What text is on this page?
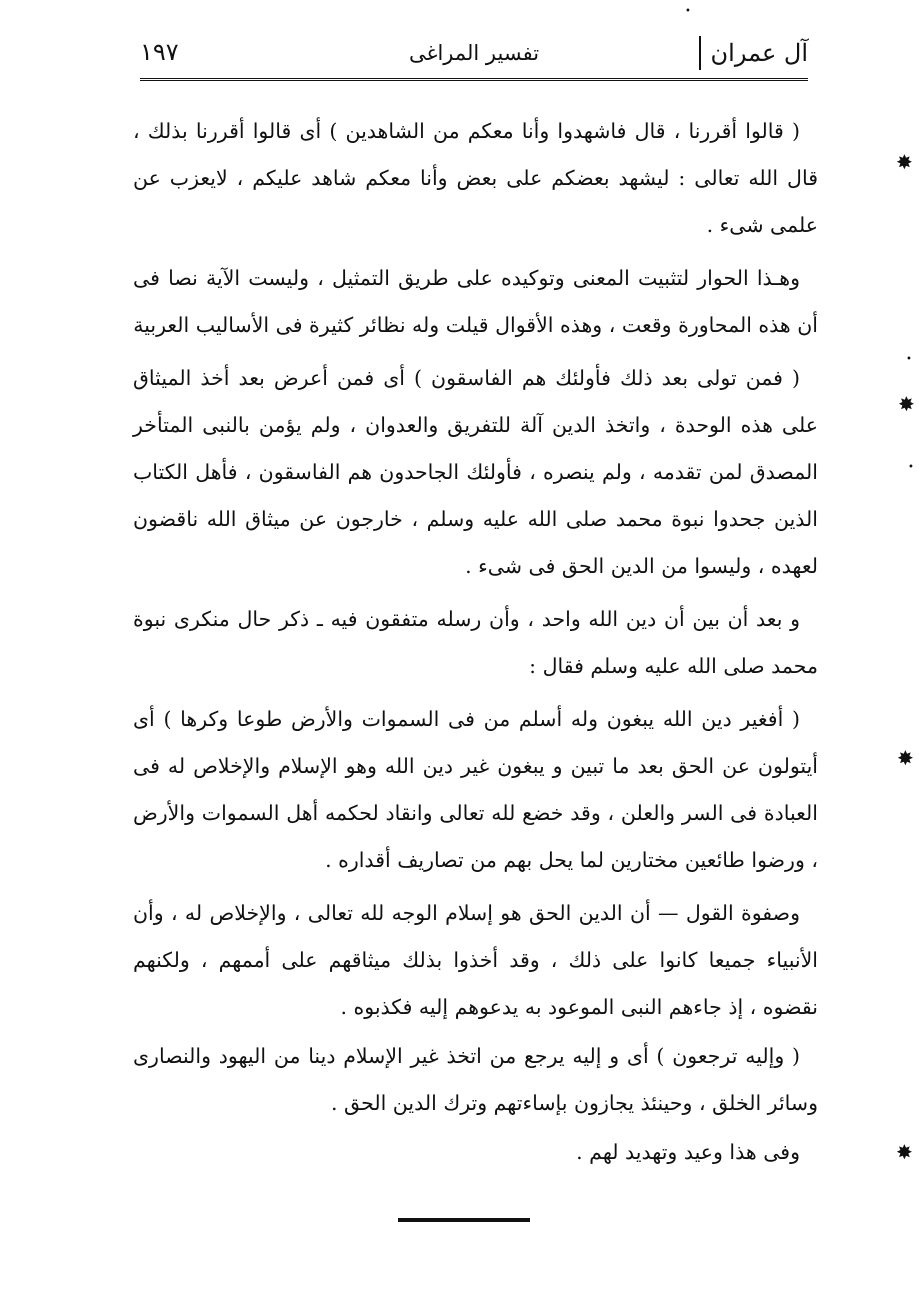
آل عمران
تفسير المراغى
١٩٧

( قالوا أقررنا ، قال فاشهدوا وأنا معكم من الشاهدين ) أى قالوا أقررنا بذلك ، قال الله تعالى : ليشهد بعضكم على بعض وأنا معكم شاهد عليكم ، لايعزب عن علمى شىء .

وهـذا الحوار لتثبيت المعنى وتوكيده على طريق التمثيل ، وليست الآية نصا فى أن هذه المحاورة وقعت ، وهذه الأقوال قيلت وله نظائر كثيرة فى الأساليب العربية

( فمن تولى بعد ذلك فأولئك هم الفاسقون ) أى فمن أعرض بعد أخذ الميثاق على هذه الوحدة ، واتخذ الدين آلة للتفريق والعدوان ، ولم يؤمن بالنبى المتأخر المصدق لمن تقدمه ، ولم ينصره ، فأولئك الجاحدون هم الفاسقون ، فأهل الكتاب الذين جحدوا نبوة محمد صلى الله عليه وسلم ، خارجون عن ميثاق الله ناقضون لعهده ، وليسوا من الدين الحق فى شىء .

و بعد أن بين أن دين الله واحد ، وأن رسله متفقون فيه ـ ذكر حال منكرى نبوة محمد صلى الله عليه وسلم فقال :

( أفغير دين الله يبغون وله أسلم من فى السموات والأرض طوعا وكرها ) أى أيتولون عن الحق بعد ما تبين و يبغون غير دين الله وهو الإسلام والإخلاص له فى العبادة فى السر والعلن ، وقد خضع لله تعالى وانقاد لحكمه أهل السموات والأرض ، ورضوا طائعين مختارين لما يحل بهم من تصاريف أقداره .

وصفوة القول — أن الدين الحق هو إسلام الوجه لله تعالى ، والإخلاص له ، وأن الأنبياء جميعا كانوا على ذلك ، وقد أخذوا بذلك ميثاقهم على أممهم ، ولكنهم نقضوه ، إذ جاءهم النبى الموعود به يدعوهم إليه فكذبوه .

( وإليه ترجعون ) أى و إليه يرجع من اتخذ غير الإسلام دينا من اليهود والنصارى وسائر الخلق ، وحينئذ يجازون بإساءتهم وترك الدين الحق .

وفى هذا وعيد وتهديد لهم .

✸
•
✸
•
✸
✸
•
